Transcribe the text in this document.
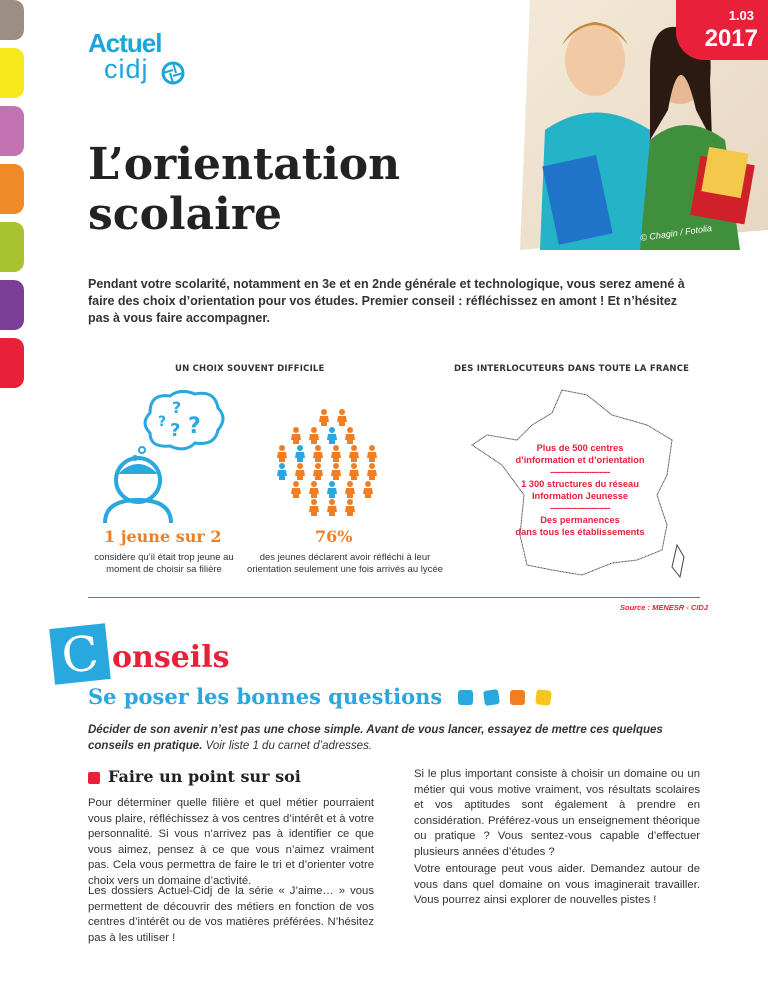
Actuel
cidj
© Chagin / Fotolia
1.03
2017
L’orientation
scolaire
Pendant votre scolarité, notamment en 3e et en 2nde générale et technologique, vous serez amené à faire des choix d’orientation pour vos études. Premier conseil : réfléchissez en amont ! Et n’hésitez pas à vous faire accompagner.
UN CHOIX SOUVENT DIFFICILE	DES INTERLOCUTEURS DANS TOUTE LA FRANCE
?
?
? ?
1 jeune sur 2
considère qu’il était trop jeune au
moment de choisir sa filière
76%
des jeunes déclarent avoir réfléchi à leur
orientation seulement une fois arrivés au lycée
Plus de 500 centres
d’information et d’orientation
-----------------------
1 300 structures du réseau
Information Jeunesse
-----------------------
Des permanences
dans tous les établissements
Source : MENESR - CIDJ
C onseils
Se poser les bonnes questions
Décider de son avenir n’est pas une chose simple. Avant de vous lancer, essayez de mettre ces quelques conseils en pratique. Voir liste 1 du carnet d’adresses.
Faire un point sur soi
Pour déterminer quelle filière et quel métier pourraient vous plaire, réfléchissez à vos centres d’intérêt et à votre personnalité. Si vous n’arrivez pas à identifier ce que vous aimez, pensez à ce que vous n’aimez vraiment pas. Cela vous permettra de faire le tri et d’orienter votre choix vers un domaine d’activité.
Les dossiers Actuel-Cidj de la série « J’aime… » vous permettent de découvrir des métiers en fonction de vos centres d’intérêt ou de vos matières préférées. N’hésitez pas à les utiliser !
Si le plus important consiste à choisir un domaine ou un métier qui vous motive vraiment, vos résultats scolaires et vos aptitudes sont également à prendre en considération. Préférez-vous un enseignement théorique ou pratique ? Vous sentez-vous capable d’effectuer plusieurs années d’études ?
Votre entourage peut vous aider. Demandez autour de vous dans quel domaine on vous imaginerait travailler. Vous pourrez ainsi explorer de nouvelles pistes !
